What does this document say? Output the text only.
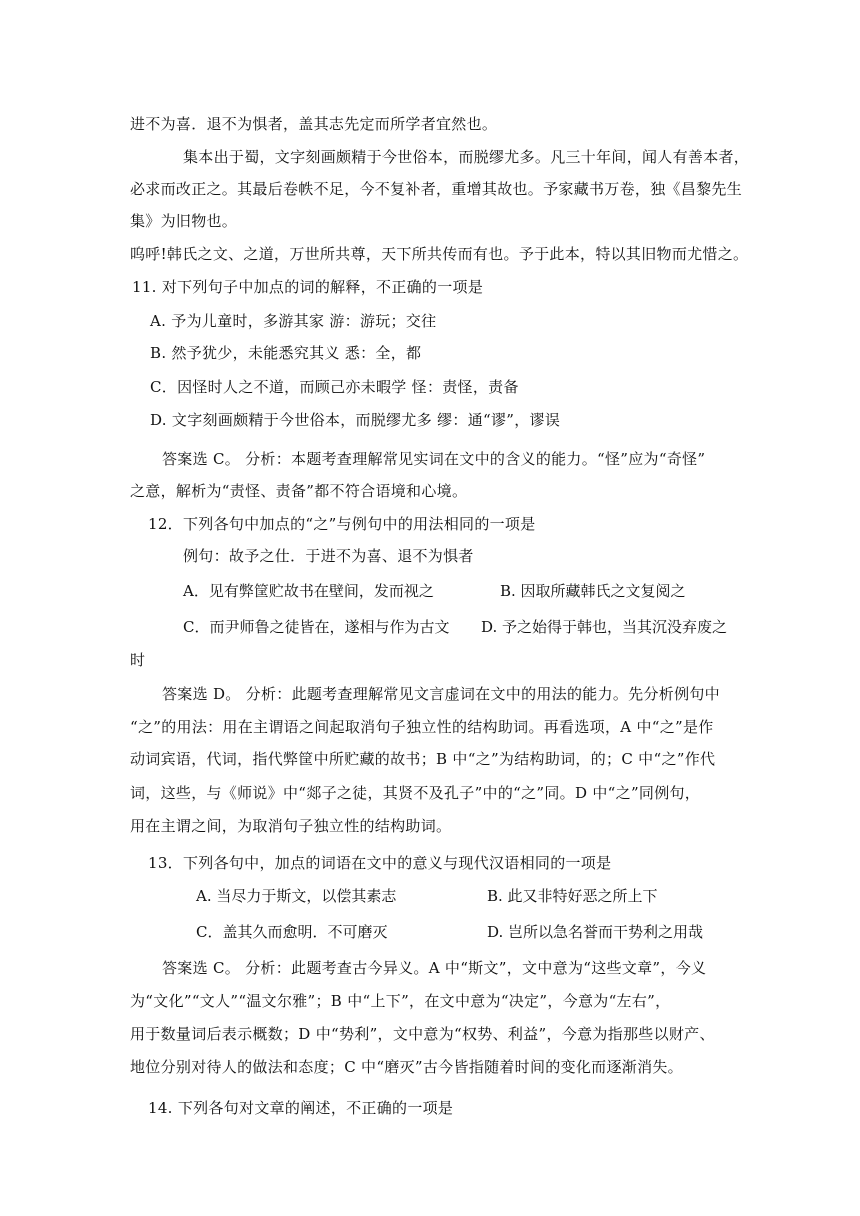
进不为喜．退不为惧者，盖其志先定而所学者宜然也。
集本出于蜀，文字刻画颇精于今世俗本，而脱缪尤多。凡三十年间，闻人有善本者，
必求而改正之。其最后卷帙不足，今不复补者，重增其故也。予家藏书万卷，独《昌黎先生
集》为旧物也。
呜呼!韩氏之文、之道，万世所共尊，天下所共传而有也。予于此本，特以其旧物而尤惜之。
11. 对下列句子中加点的词的解释，不正确的一项是
A. 予为儿童时，多游其家 游：游玩；交往
B. 然予犹少，未能悉究其义 悉：全，都
C．因怪时人之不道，而顾己亦未暇学 怪：责怪，责备
D. 文字刻画颇精于今世俗本，而脱缪尤多 缪：通“谬”，谬误
答案选 C。 分析：本题考查理解常见实词在文中的含义的能力。“怪”应为“奇怪”
之意，解析为“责怪、责备”都不符合语境和心境。
12．下列各句中加点的“之”与例句中的用法相同的一项是
例句：故予之仕．于进不为喜、退不为惧者
A．见有弊筐贮故书在壁间，发而视之	B. 因取所藏韩氏之文复阅之
C．而尹师鲁之徒皆在，遂相与作为古文 D. 予之始得于韩也，当其沉没弃废之
时
答案选 D。 分析：此题考查理解常见文言虚词在文中的用法的能力。先分析例句中
“之”的用法：用在主谓语之间起取消句子独立性的结构助词。再看选项，A 中“之”是作
动词宾语，代词，指代弊筐中所贮藏的故书；B 中“之”为结构助词，的；C 中“之”作代
词，这些，与《师说》中“郯子之徒，其贤不及孔子”中的“之”同。D 中“之”同例句，
用在主谓之间，为取消句子独立性的结构助词。
13．下列各句中，加点的词语在文中的意义与现代汉语相同的一项是
A. 当尽力于斯文，以偿其素志	B. 此又非特好恶之所上下
C．盖其久而愈明．不可磨灭	D. 岂所以急名誉而干势利之用哉
答案选 C。 分析：此题考查古今异义。A 中“斯文”，文中意为“这些文章”，今义
为“文化”“文人”“温文尔雅”；B 中“上下”，在文中意为“决定”，今意为“左右”，
用于数量词后表示概数；D 中“势利”，文中意为“权势、利益”，今意为指那些以财产、
地位分别对待人的做法和态度；C 中“磨灭”古今皆指随着时间的变化而逐渐消失。
14. 下列各句对文章的阐述，不正确的一项是
